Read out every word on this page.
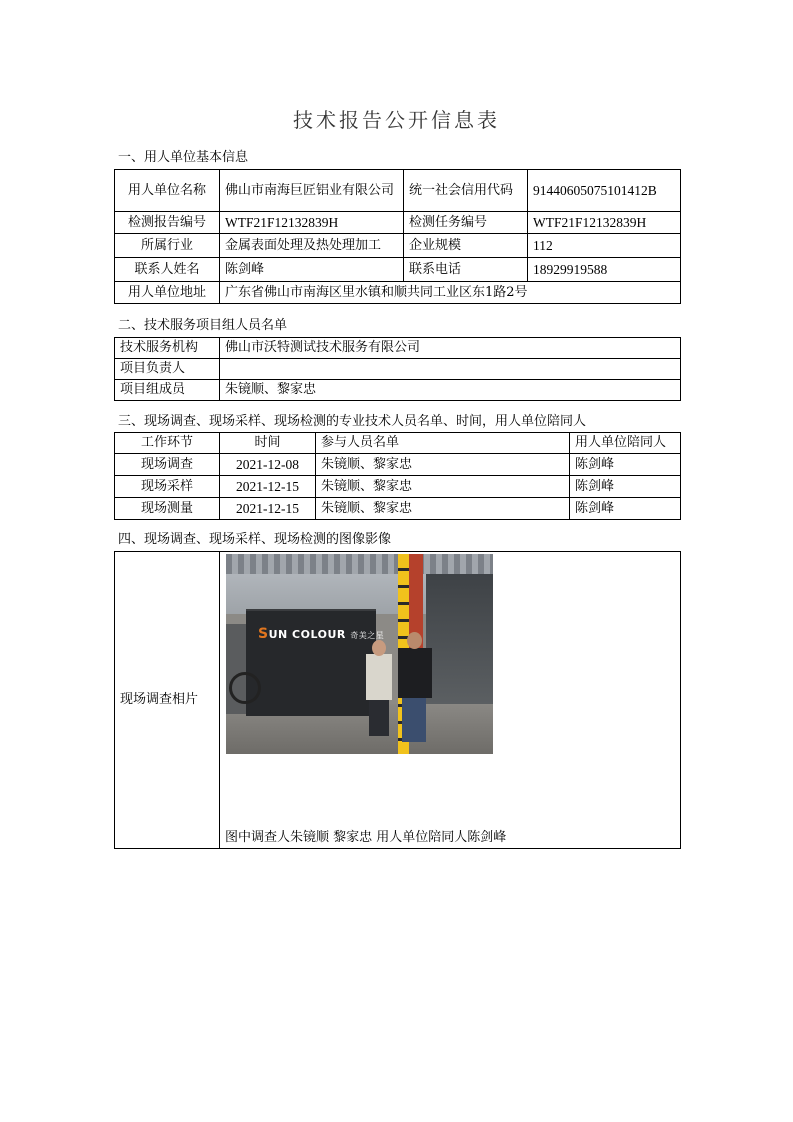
技术报告公开信息表
一、用人单位基本信息
用人单位名称	佛山市南海巨匠铝业有限公司	统一社会信用代码	91440605075101412B
检测报告编号	WTF21F12132839H	检测任务编号	WTF21F12132839H
所属行业	金属表面处理及热处理加工	企业规模	112
联系人姓名	陈剑峰	联系电话	18929919588
用人单位地址	广东省佛山市南海区里水镇和顺共同工业区东1路2号		
二、技术服务项目组人员名单
技术服务机构	佛山市沃特测试技术服务有限公司
项目负责人	
项目组成员	朱镜顺、黎家忠
三、现场调查、现场采样、现场检测的专业技术人员名单、时间，用人单位陪同人
工作环节	时间	参与人员名单	用人单位陪同人
现场调查	2021-12-08	朱镜顺、黎家忠	陈剑峰
现场采样	2021-12-15	朱镜顺、黎家忠	陈剑峰
现场测量	2021-12-15	朱镜顺、黎家忠	陈剑峰
四、现场调查、现场采样、现场检测的图像影像
现场调查相片	图中调查人朱镜顺 黎家忠 用人单位陪同人陈剑峰
SUN COLOUR 奇美之星
